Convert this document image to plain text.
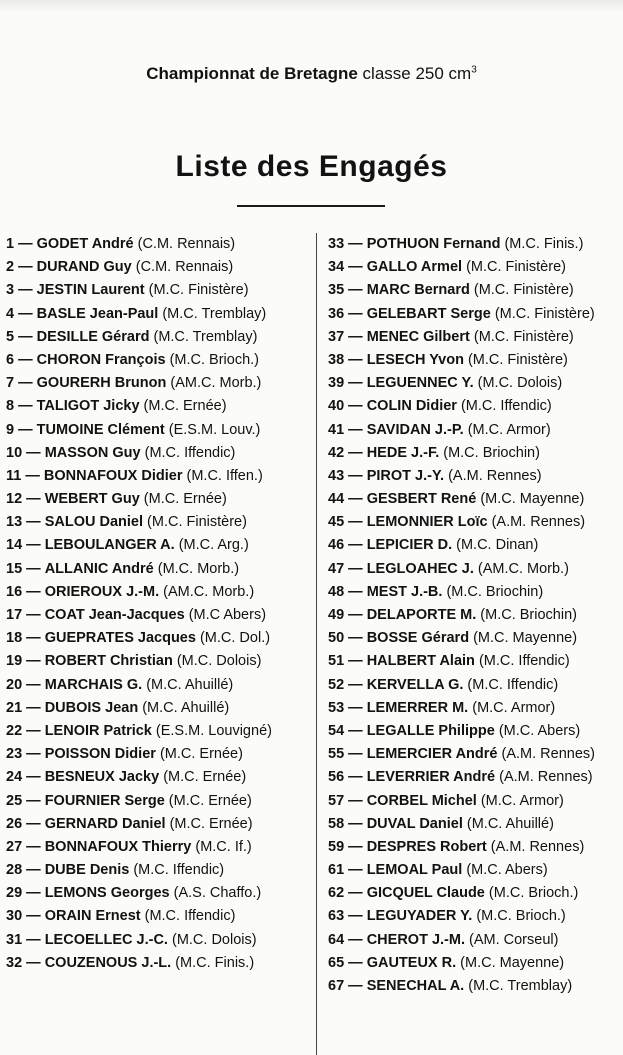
Championnat de Bretagne classe 250 $cm^3$
Liste des Engagés
1 — GODET André (C.M. Rennais)
2 — DURAND Guy (C.M. Rennais)
3 — JESTIN Laurent (M.C. Finistère)
4 — BASLE Jean-Paul (M.C. Tremblay)
5 — DESILLE Gérard (M.C. Tremblay)
6 — CHORON François (M.C. Brioch.)
7 — GOURERH Brunon (AM.C. Morb.)
8 — TALIGOT Jicky (M.C. Ernée)
9 — TUMOINE Clément (E.S.M. Louv.)
10 — MASSON Guy (M.C. Iffendic)
11 — BONNAFOUX Didier (M.C. Iffen.)
12 — WEBERT Guy (M.C. Ernée)
13 — SALOU Daniel (M.C. Finistère)
14 — LEBOULANGER A. (M.C. Arg.)
15 — ALLANIC André (M.C. Morb.)
16 — ORIEROUX J.-M. (AM.C. Morb.)
17 — COAT Jean-Jacques (M.C Abers)
18 — GUEPRATES Jacques (M.C. Dol.)
19 — ROBERT Christian (M.C. Dolois)
20 — MARCHAIS G. (M.C. Ahuillé)
21 — DUBOIS Jean (M.C. Ahuillé)
22 — LENOIR Patrick (E.S.M. Louvigné)
23 — POISSON Didier (M.C. Ernée)
24 — BESNEUX Jacky (M.C. Ernée)
25 — FOURNIER Serge (M.C. Ernée)
26 — GERNARD Daniel (M.C. Ernée)
27 — BONNAFOUX Thierry (M.C. If.)
28 — DUBE Denis (M.C. Iffendic)
29 — LEMONS Georges (A.S. Chaffo.)
30 — ORAIN Ernest (M.C. Iffendic)
31 — LECOELLEC J.-C. (M.C. Dolois)
32 — COUZENOUS J.-L. (M.C. Finis.)
33 — POTHUON Fernand (M.C. Finis.)
34 — GALLO Armel (M.C. Finistère)
35 — MARC Bernard (M.C. Finistère)
36 — GELEBART Serge (M.C. Finistère)
37 — MENEC Gilbert (M.C. Finistère)
38 — LESECH Yvon (M.C. Finistère)
39 — LEGUENNEC Y. (M.C. Dolois)
40 — COLIN Didier (M.C. Iffendic)
41 — SAVIDAN J.-P. (M.C. Armor)
42 — HEDE J.-F. (M.C. Briochin)
43 — PIROT J.-Y. (A.M. Rennes)
44 — GESBERT René (M.C. Mayenne)
45 — LEMONNIER Loïc (A.M. Rennes)
46 — LEPICIER D. (M.C. Dinan)
47 — LEGLOAHEC J. (AM.C. Morb.)
48 — MEST J.-B. (M.C. Briochin)
49 — DELAPORTE M. (M.C. Briochin)
50 — BOSSE Gérard (M.C. Mayenne)
51 — HALBERT Alain (M.C. Iffendic)
52 — KERVELLA G. (M.C. Iffendic)
53 — LEMERRER M. (M.C. Armor)
54 — LEGALLE Philippe (M.C. Abers)
55 — LEMERCIER André (A.M. Rennes)
56 — LEVERRIER André (A.M. Rennes)
57 — CORBEL Michel (M.C. Armor)
58 — DUVAL Daniel (M.C. Ahuillé)
59 — DESPRES Robert (A.M. Rennes)
61 — LEMOAL Paul (M.C. Abers)
62 — GICQUEL Claude (M.C. Brioch.)
63 — LEGUYADER Y. (M.C. Brioch.)
64 — CHEROT J.-M. (AM. Corseul)
65 — GAUTEUX R. (M.C. Mayenne)
67 — SENECHAL A. (M.C. Tremblay)
